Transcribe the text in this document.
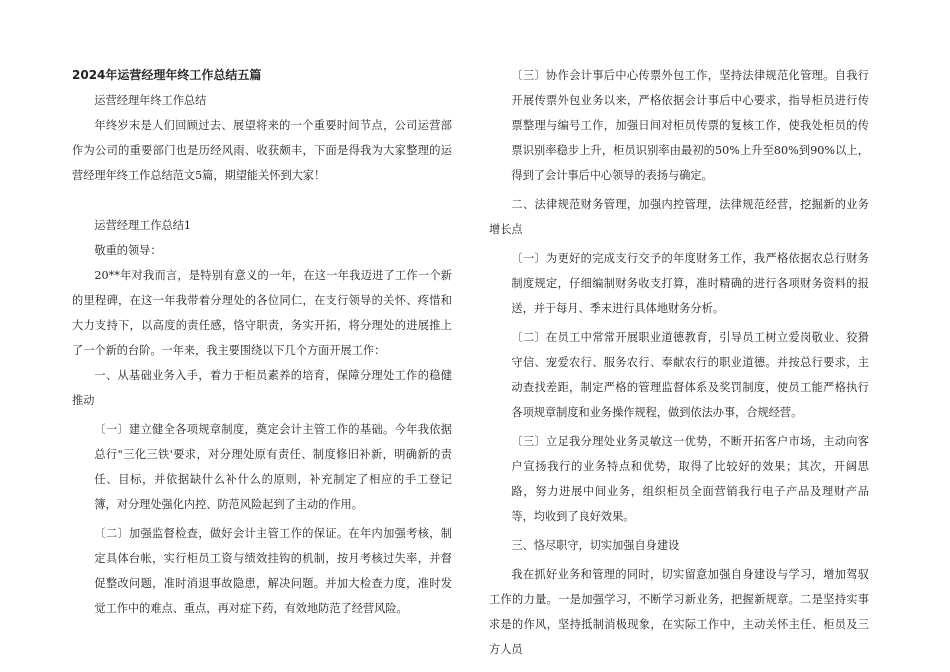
2024年运营经理年终工作总结五篇

运营经理年终工作总结

年终岁末是人们回顾过去、展望将来的一个重要时间节点，公司运营部作为公司的重要部门也是历经风雨、收获颇丰，下面是得我为大家整理的运营经理年终工作总结范文5篇，期望能关怀到大家！

运营经理工作总结1

敬重的领导：

20**年对我而言，是特别有意义的一年，在这一年我迈进了工作一个新的里程碑，在这一年我带着分理处的各位同仁，在支行领导的关怀、疼惜和大力支持下，以高度的责任感，恪守职责，务实开拓，将分理处的进展推上了一个新的台阶。一年来，我主要围绕以下几个方面开展工作：

一、从基础业务入手，着力于柜员素养的培育，保障分理处工作的稳健推动

〔一〕建立健全各项规章制度，奠定会计主管工作的基础。今年我依据总行"三化三铁'要求，对分理处原有责任、制度修旧补新，明确新的责任、目标，并依据缺什么补什么的原则，补充制定了相应的手工登记簿，对分理处强化内控、防范风险起到了主动的作用。

〔二〕加强监督检查，做好会计主管工作的保证。在年内加强考核，制定具体台帐，实行柜员工资与绩效挂钩的机制，按月考核过失率，并督促整改问题，准时消退事故隐患，解决问题。并加大检查力度，准时发觉工作中的难点、重点，再对症下药，有效地防范了经营风险。

〔三〕协作会计事后中心传票外包工作，坚持法律规范化管理。自我行开展传票外包业务以来，严格依据会计事后中心要求，指导柜员进行传票整理与编号工作，加强日间对柜员传票的复核工作，使我处柜员的传票识别率稳步上升，柜员识别率由最初的50%上升至80%到90%以上，得到了会计事后中心领导的表扬与确定。

二、法律规范财务管理，加强内控管理，法律规范经营，挖掘新的业务增长点

〔一〕为更好的完成支行交予的年度财务工作，我严格依据农总行财务制度规定，仔细编制财务收支打算，准时精确的进行各项财务资料的报送，并于每月、季末进行具体地财务分析。

〔二〕在员工中常常开展职业道德教育，引导员工树立爱岗敬业、狡猾守信、宠爱农行、服务农行、奉献农行的职业道德。并按总行要求，主动查找差距，制定严格的管理监督体系及奖罚制度，使员工能严格执行各项规章制度和业务操作规程，做到依法办事，合规经营。

〔三〕立足我分理处业务灵敏这一优势，不断开拓客户市场，主动向客户宣扬我行的业务特点和优势，取得了比较好的效果；其次，开阔思路，努力进展中间业务，组织柜员全面营销我行电子产品及理财产品等，均收到了良好效果。

三、恪尽职守，切实加强自身建设

我在抓好业务和管理的同时，切实留意加强自身建设与学习，增加驾驭工作的力量。一是加强学习，不断学习新业务，把握新规章。二是坚持实事求是的作风，坚持抵制消极现象，在实际工作中，主动关怀主任、柜员及三方人员
